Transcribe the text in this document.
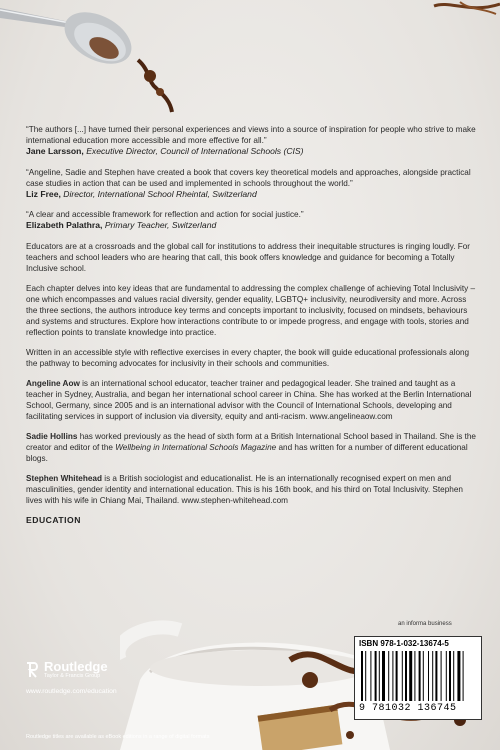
“The authors [...] have turned their personal experiences and views into a source of inspiration for people who strive to make international education more accessible and more effective for all.”

Jane Larsson, Executive Director, Council of International Schools (CIS)

“Angeline, Sadie and Stephen have created a book that covers key theoretical models and approaches, alongside practical case studies in action that can be used and implemented in schools throughout the world.”

Liz Free, Director, International School Rheintal, Switzerland

“A clear and accessible framework for reflection and action for social justice.”

Elizabeth Palathra, Primary Teacher, Switzerland

Educators are at a crossroads and the global call for institutions to address their inequitable structures is ringing loudly. For teachers and school leaders who are hearing that call, this book offers knowledge and guidance for becoming a Totally Inclusive school.

Each chapter delves into key ideas that are fundamental to addressing the complex challenge of achieving Total Inclusivity – one which encompasses and values racial diversity, gender equality, LGBTQ+ inclusivity, neurodiversity and more. Across the three sections, the authors introduce key terms and concepts important to inclusivity, focused on mindsets, behaviours and systems and structures. Explore how interactions contribute to or impede progress, and engage with tools, stories and reflection points to translate knowledge into practice.

Written in an accessible style with reflective exercises in every chapter, the book will guide educational professionals along the pathway to becoming advocates for inclusivity in their schools and communities.

Angeline Aow is an international school educator, teacher trainer and pedagogical leader. She trained and taught as a teacher in Sydney, Australia, and began her international school career in China. She has worked at the Berlin International School, Germany, since 2005 and is an international advisor with the Council of International Schools, developing and facilitating services in support of inclusion via diversity, equity and anti-racism. www.angelineaow.com

Sadie Hollins has worked previously as the head of sixth form at a British International School based in Thailand. She is the creator and editor of the Wellbeing in International Schools Magazine and has written for a number of different educational blogs.

Stephen Whitehead is a British sociologist and educationalist. He is an internationally recognised expert on men and masculinities, gender identity and international education. This is his 16th book, and his third on Total Inclusivity. Stephen lives with his wife in Chiang Mai, Thailand. www.stephen-whitehead.com

EDUCATION
Routledge
Taylor & Francis Group
www.routledge.com/education
Routledge titles are available as eBook editions in a range of digital formats
an informa business
ISBN 978-1-032-13674-5
9 781032 136745
